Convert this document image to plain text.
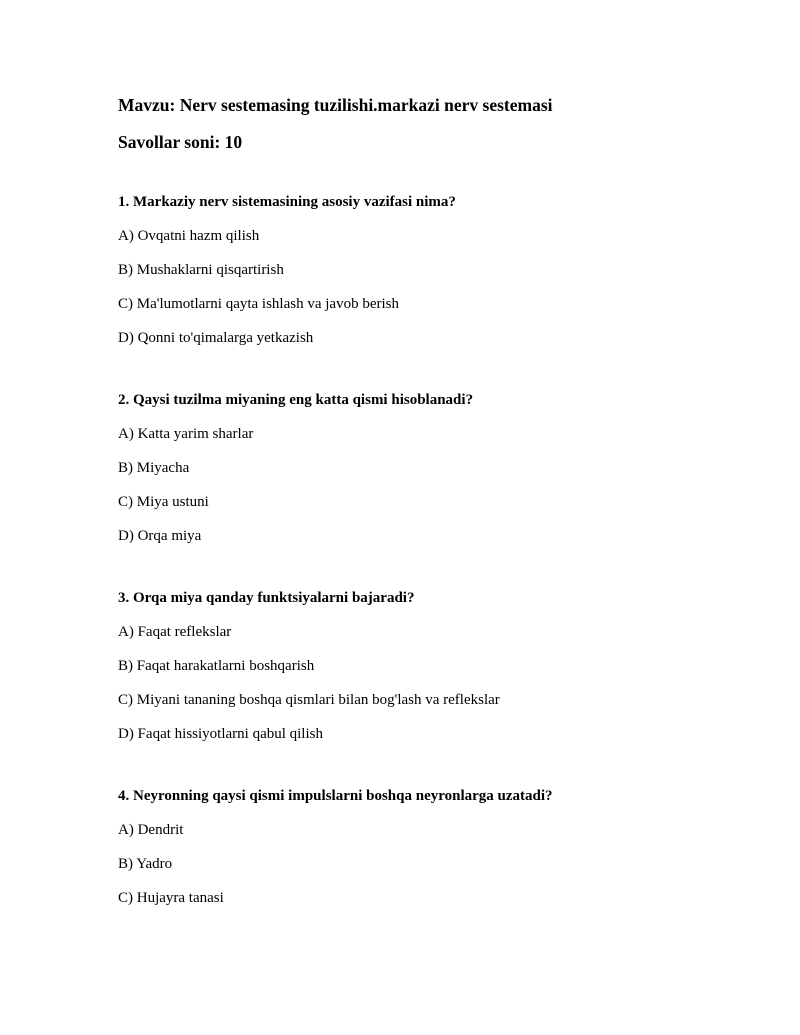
Mavzu: Nerv sestemasing tuzilishi.markazi nerv sestemasi
Savollar soni: 10

1. Markaziy nerv sistemasining asosiy vazifasi nima?

A) Ovqatni hazm qilish

B) Mushaklarni qisqartirish

C) Ma'lumotlarni qayta ishlash va javob berish

D) Qonni to'qimalarga yetkazish

2. Qaysi tuzilma miyaning eng katta qismi hisoblanadi?

A) Katta yarim sharlar

B) Miyacha

C) Miya ustuni

D) Orqa miya

3. Orqa miya qanday funktsiyalarni bajaradi?

A) Faqat reflekslar

B) Faqat harakatlarni boshqarish

C) Miyani tananing boshqa qismlari bilan bog'lash va reflekslar

D) Faqat hissiyotlarni qabul qilish

4. Neyronning qaysi qismi impulslarni boshqa neyronlarga uzatadi?

A) Dendrit

B) Yadro

C) Hujayra tanasi
